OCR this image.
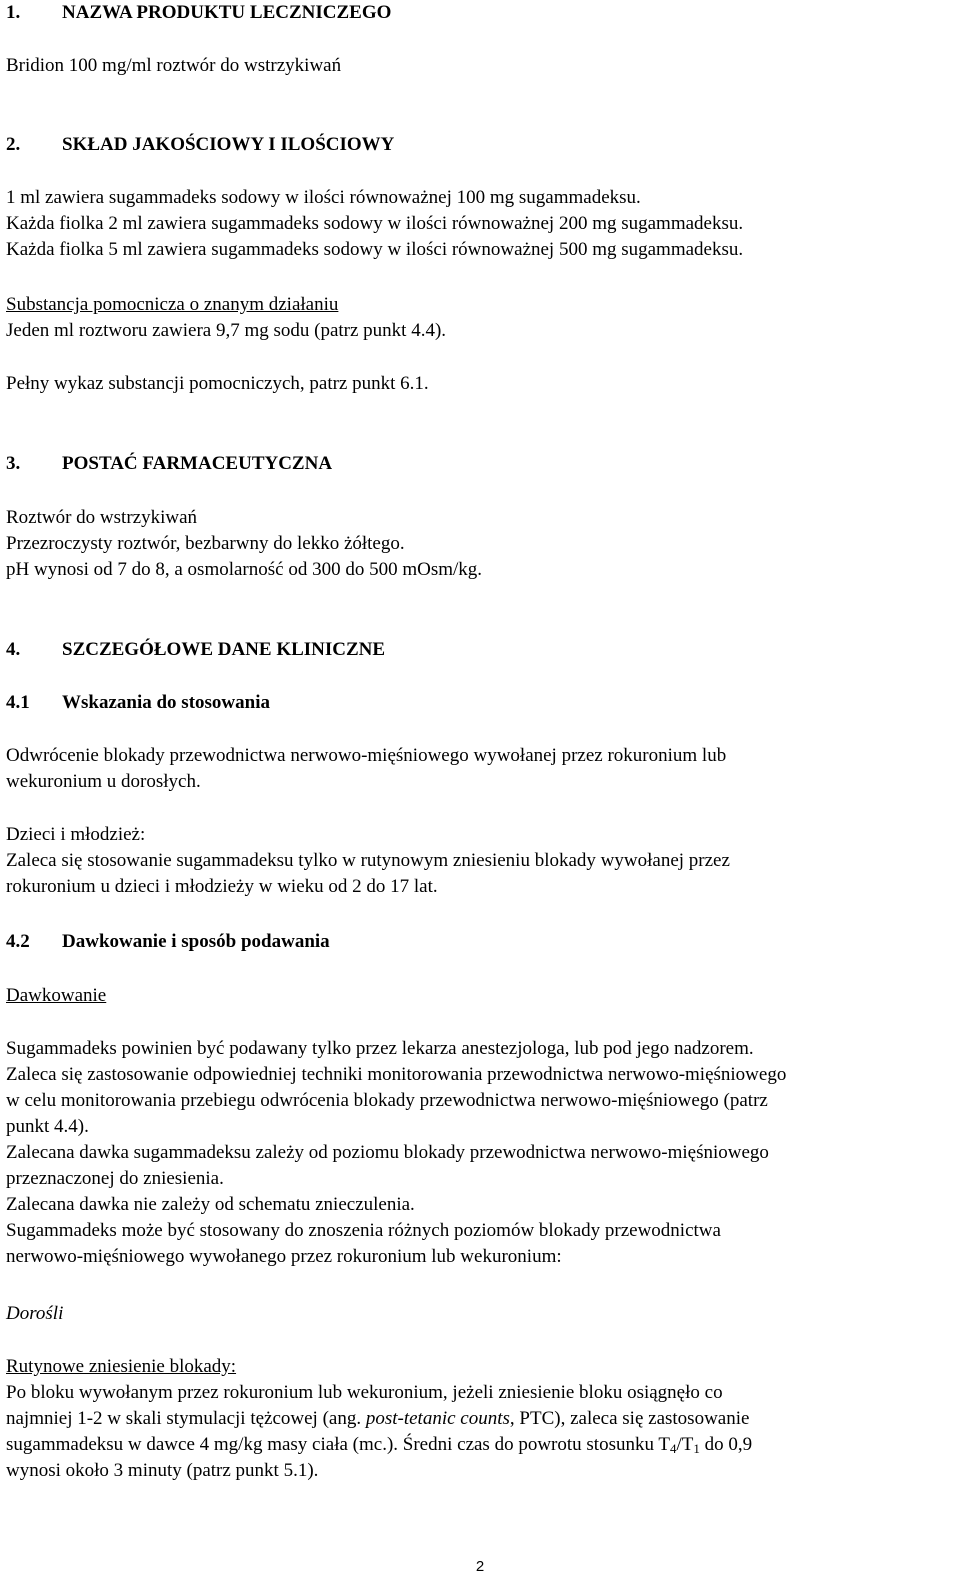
1. NAZWA PRODUKTU LECZNICZEGO
Bridion 100 mg/ml roztwór do wstrzykiwań
2. SKŁAD JAKOŚCIOWY I ILOŚCIOWY
1 ml zawiera sugammadeks sodowy w ilości równoważnej 100 mg sugammadeksu.
Każda fiolka 2 ml zawiera sugammadeks sodowy w ilości równoważnej 200 mg sugammadeksu.
Każda fiolka 5 ml zawiera sugammadeks sodowy w ilości równoważnej 500 mg sugammadeksu.
Substancja pomocnicza o znanym działaniu
Jeden ml roztworu zawiera 9,7 mg sodu (patrz punkt 4.4).
Pełny wykaz substancji pomocniczych, patrz punkt 6.1.
3. POSTAĆ FARMACEUTYCZNA
Roztwór do wstrzykiwań
Przezroczysty roztwór, bezbarwny do lekko żółtego.
pH wynosi od 7 do 8, a osmolarność od 300 do 500 mOsm/kg.
4. SZCZEGÓŁOWE DANE KLINICZNE
4.1 Wskazania do stosowania
Odwrócenie blokady przewodnictwa nerwowo-mięśniowego wywołanej przez rokuronium lub
wekuronium u dorosłych.
Dzieci i młodzież:
Zaleca się stosowanie sugammadeksu tylko w rutynowym zniesieniu blokady wywołanej przez
rokuronium u dzieci i młodzieży w wieku od 2 do 17 lat.
4.2 Dawkowanie i sposób podawania
Dawkowanie
Sugammadeks powinien być podawany tylko przez lekarza anestezjologa, lub pod jego nadzorem.
Zaleca się zastosowanie odpowiedniej techniki monitorowania przewodnictwa nerwowo-mięśniowego
w celu monitorowania przebiegu odwrócenia blokady przewodnictwa nerwowo-mięśniowego (patrz
punkt 4.4).
Zalecana dawka sugammadeksu zależy od poziomu blokady przewodnictwa nerwowo-mięśniowego
przeznaczonej do zniesienia.
Zalecana dawka nie zależy od schematu znieczulenia.
Sugammadeks może być stosowany do znoszenia różnych poziomów blokady przewodnictwa
nerwowo-mięśniowego wywołanego przez rokuronium lub wekuronium:
Dorośli
Rutynowe zniesienie blokady:
Po bloku wywołanym przez rokuronium lub wekuronium, jeżeli zniesienie bloku osiągnęło co
najmniej 1-2 w skali stymulacji tężcowej (ang. post-tetanic counts, PTC), zaleca się zastosowanie
sugammadeksu w dawce 4 mg/kg masy ciała (mc.). Średni czas do powrotu stosunku $T_4/T_1$ do 0,9
wynosi około 3 minuty (patrz punkt 5.1).
2
